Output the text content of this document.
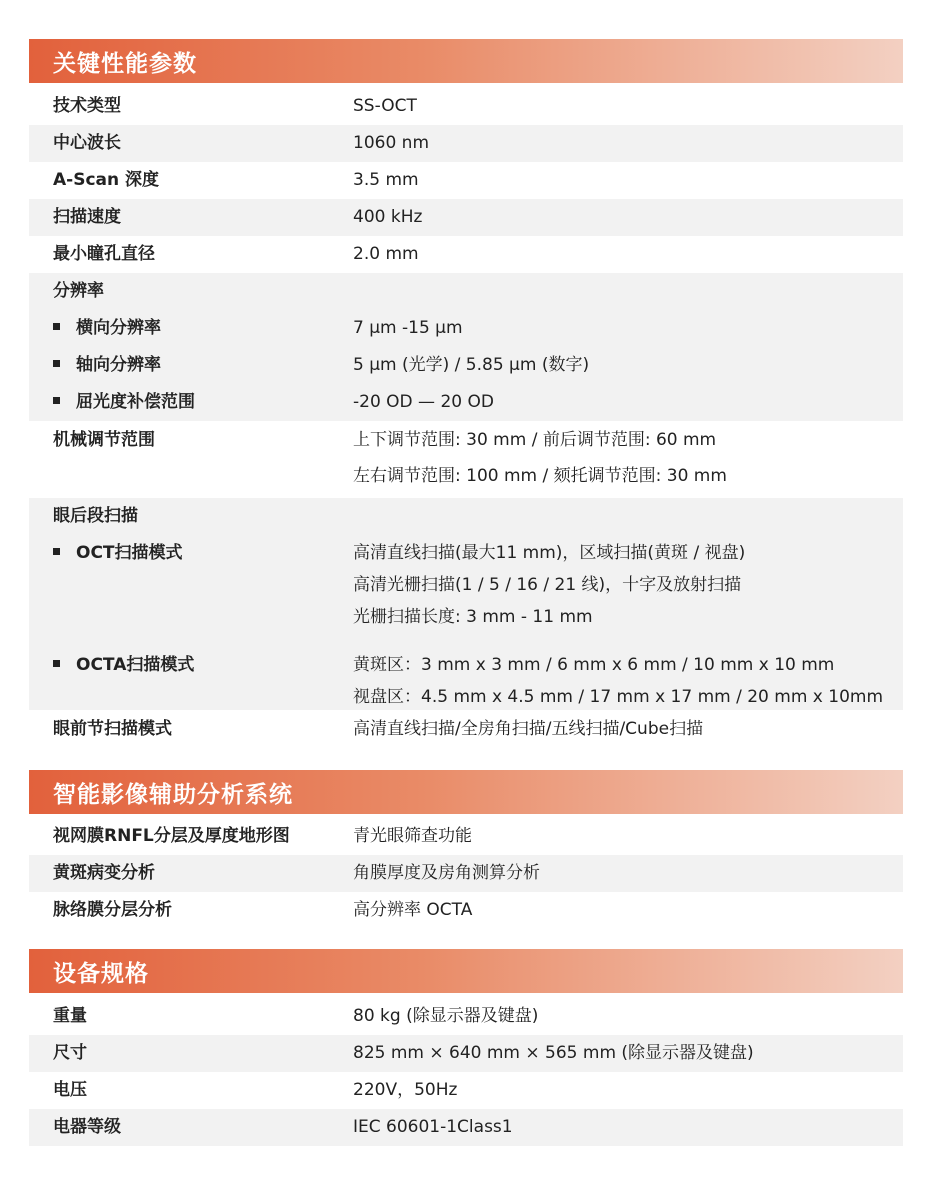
关键性能参数
技术类型	SS-OCT
中心波长	1060 nm
A-Scan 深度	3.5 mm
扫描速度	400 kHz
最小瞳孔直径	2.0 mm
分辨率
横向分辨率	7 µm -15 µm
轴向分辨率	5 µm (光学) / 5.85 µm (数字)
屈光度补偿范围	-20 OD — 20 OD
机械调节范围	上下调节范围: 30 mm / 前后调节范围: 60 mm
左右调节范围: 100 mm / 颏托调节范围: 30 mm
眼后段扫描
OCT扫描模式	高清直线扫描(最大11 mm)，区域扫描(黄斑 / 视盘)
高清光栅扫描(1 / 5 / 16 / 21 线)，十字及放射扫描
光栅扫描长度: 3 mm - 11 mm
OCTA扫描模式	黄斑区：3 mm x 3 mm / 6 mm x 6 mm / 10 mm x 10 mm
视盘区：4.5 mm x 4.5 mm / 17 mm x 17 mm / 20 mm x 10mm
眼前节扫描模式	高清直线扫描/全房角扫描/五线扫描/Cube扫描
智能影像辅助分析系统
视网膜RNFL分层及厚度地形图	青光眼筛查功能
黄斑病变分析	角膜厚度及房角测算分析
脉络膜分层分析	高分辨率 OCTA
设备规格
重量	80 kg (除显示器及键盘)
尺寸	825 mm × 640 mm × 565 mm (除显示器及键盘)
电压	220V，50Hz
电器等级	IEC 60601-1Class1
